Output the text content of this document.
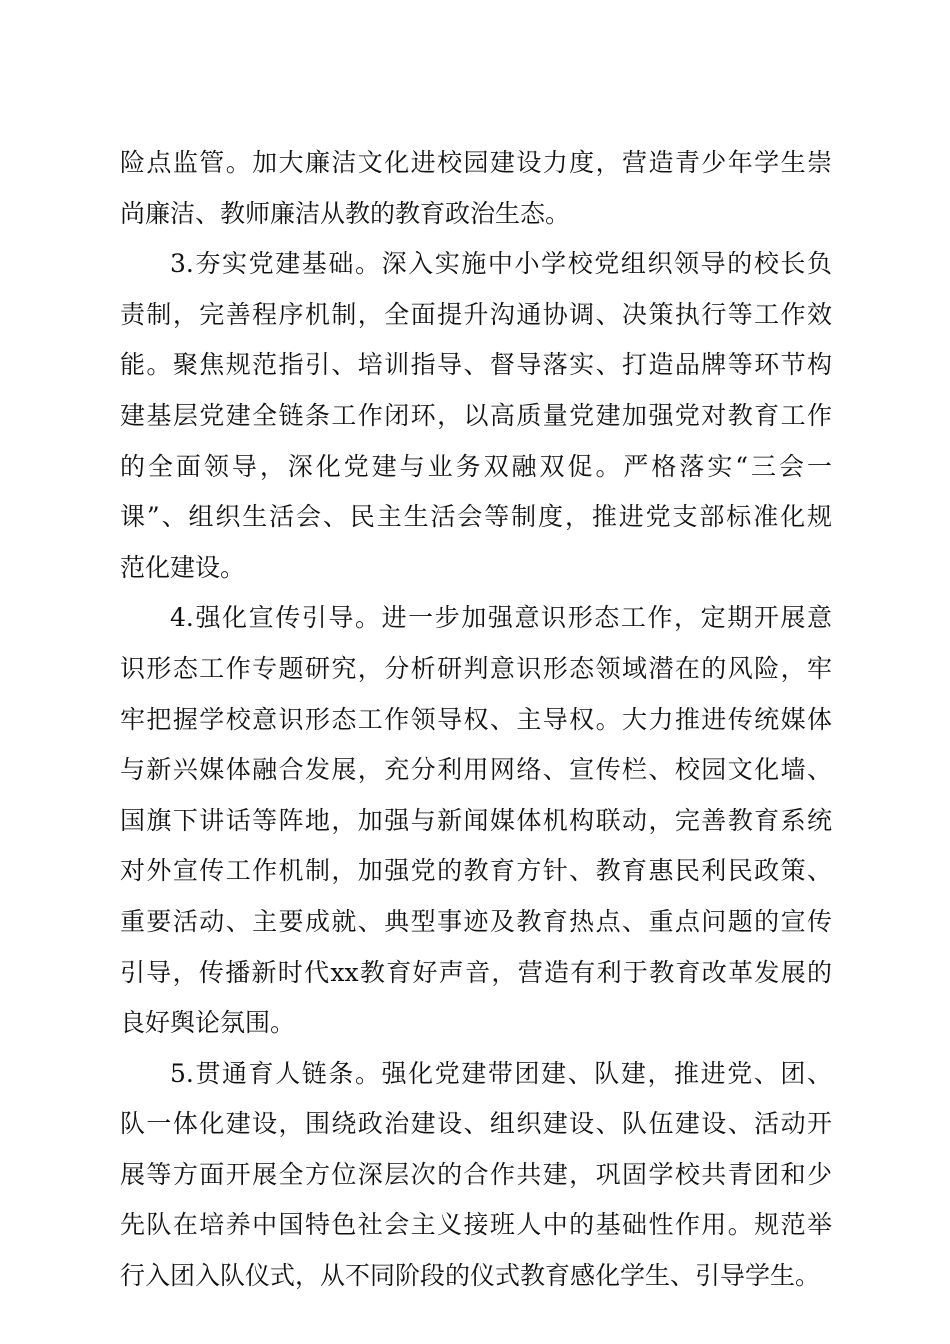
险点监管。加大廉洁文化进校园建设力度，营造青少年学生崇
尚廉洁、教师廉洁从教的教育政治生态。
3.夯实党建基础。深入实施中小学校党组织领导的校长负
责制，完善程序机制，全面提升沟通协调、决策执行等工作效
能。聚焦规范指引、培训指导、督导落实、打造品牌等环节构
建基层党建全链条工作闭环，以高质量党建加强党对教育工作
的全面领导，深化党建与业务双融双促。严格落实“三会一
课”、组织生活会、民主生活会等制度，推进党支部标准化规
范化建设。
4.强化宣传引导。进一步加强意识形态工作，定期开展意
识形态工作专题研究，分析研判意识形态领域潜在的风险，牢
牢把握学校意识形态工作领导权、主导权。大力推进传统媒体
与新兴媒体融合发展，充分利用网络、宣传栏、校园文化墙、
国旗下讲话等阵地，加强与新闻媒体机构联动，完善教育系统
对外宣传工作机制，加强党的教育方针、教育惠民利民政策、
重要活动、主要成就、典型事迹及教育热点、重点问题的宣传
引导，传播新时代xx教育好声音，营造有利于教育改革发展的
良好舆论氛围。
5.贯通育人链条。强化党建带团建、队建，推进党、团、
队一体化建设，围绕政治建设、组织建设、队伍建设、活动开
展等方面开展全方位深层次的合作共建，巩固学校共青团和少
先队在培养中国特色社会主义接班人中的基础性作用。规范举
行入团入队仪式，从不同阶段的仪式教育感化学生、引导学生。
